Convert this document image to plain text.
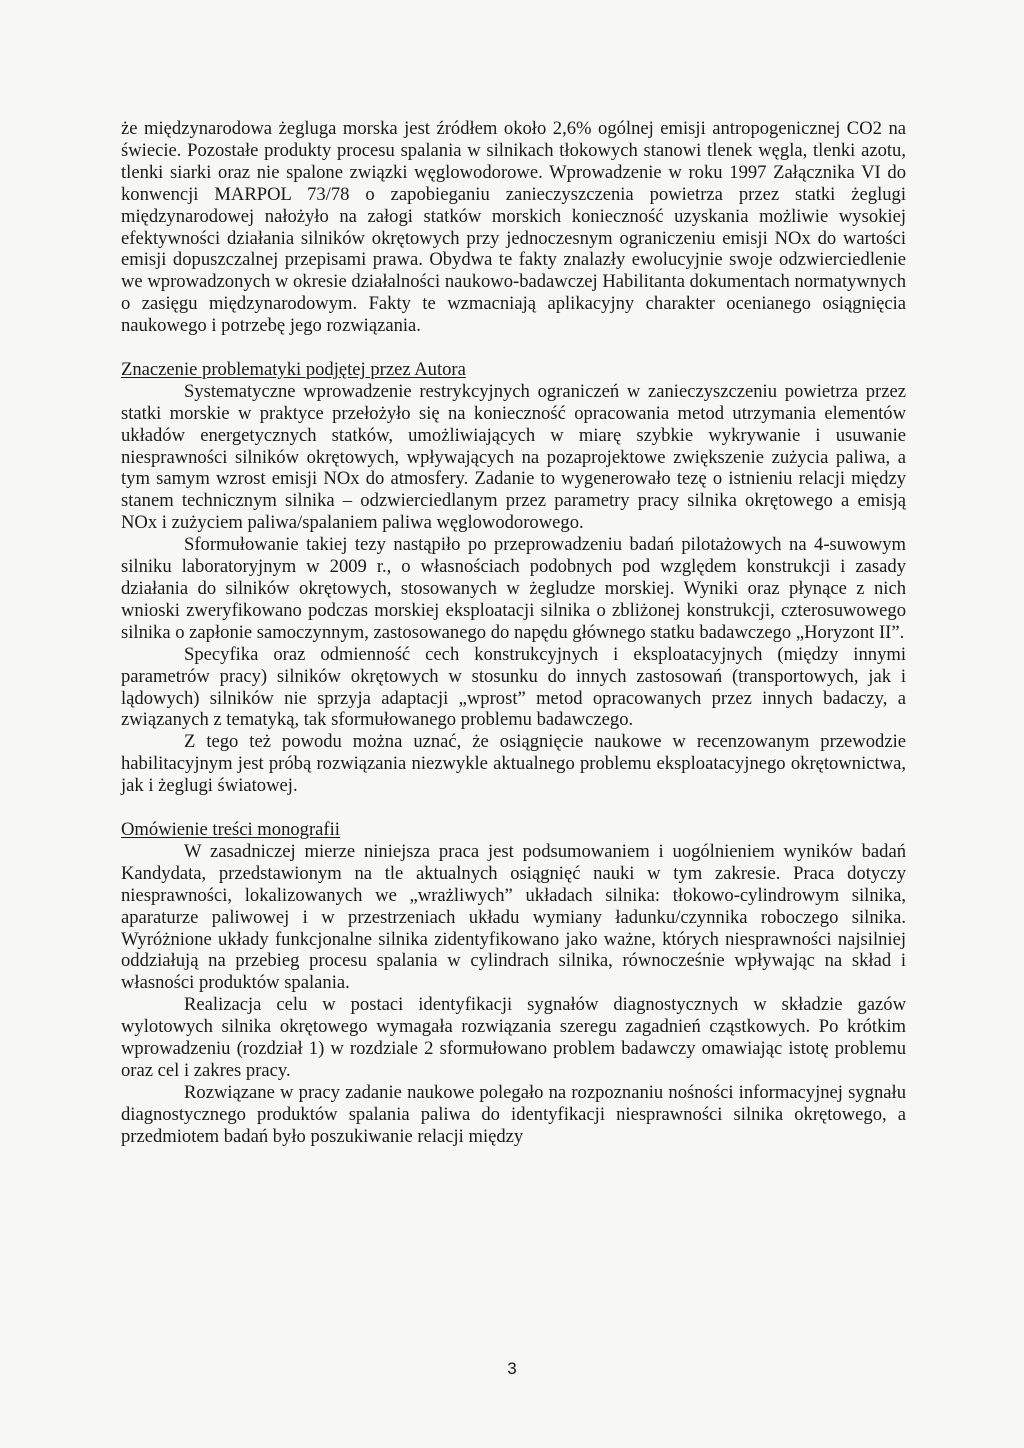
że międzynarodowa żegluga morska jest źródłem około 2,6% ogólnej emisji antropogenicznej CO2 na świecie. Pozostałe produkty procesu spalania w silnikach tłokowych stanowi tlenek węgla, tlenki azotu, tlenki siarki oraz nie spalone związki węglowodorowe. Wprowadzenie w roku 1997 Załącznika VI do konwencji MARPOL 73/78 o zapobieganiu zanieczyszczenia powietrza przez statki żeglugi międzynarodowej nałożyło na załogi statków morskich konieczność uzyskania możliwie wysokiej efektywności działania silników okrętowych przy jednoczesnym ograniczeniu emisji NOx do wartości emisji dopuszczalnej przepisami prawa. Obydwa te fakty znalazły ewolucyjnie swoje odzwierciedlenie we wprowadzonych w okresie działalności naukowo-badawczej Habilitanta dokumentach normatywnych o zasięgu międzynarodowym. Fakty te wzmacniają aplikacyjny charakter ocenianego osiągnięcia naukowego i potrzebę jego rozwiązania.

Znaczenie problematyki podjętej przez Autora

Systematyczne wprowadzenie restrykcyjnych ograniczeń w zanieczyszczeniu powietrza przez statki morskie w praktyce przełożyło się na konieczność opracowania metod utrzymania elementów układów energetycznych statków, umożliwiających w miarę szybkie wykrywanie i usuwanie niesprawności silników okrętowych, wpływających na pozaprojektowe zwiększenie zużycia paliwa, a tym samym wzrost emisji NOx do atmosfery. Zadanie to wygenerowało tezę o istnieniu relacji między stanem technicznym silnika – odzwierciedlanym przez parametry pracy silnika okrętowego a emisją NOx i zużyciem paliwa/spalaniem paliwa węglowodorowego.

Sformułowanie takiej tezy nastąpiło po przeprowadzeniu badań pilotażowych na 4-suwowym silniku laboratoryjnym w 2009 r., o własnościach podobnych pod względem konstrukcji i zasady działania do silników okrętowych, stosowanych w żegludze morskiej. Wyniki oraz płynące z nich wnioski zweryfikowano podczas morskiej eksploatacji silnika o zbliżonej konstrukcji, czterosuwowego silnika o zapłonie samoczynnym, zastosowanego do napędu głównego statku badawczego „Horyzont II”.

Specyfika oraz odmienność cech konstrukcyjnych i eksploatacyjnych (między innymi parametrów pracy) silników okrętowych w stosunku do innych zastosowań (transportowych, jak i lądowych) silników nie sprzyja adaptacji „wprost” metod opracowanych przez innych badaczy, a związanych z tematyką, tak sformułowanego problemu badawczego.

Z tego też powodu można uznać, że osiągnięcie naukowe w recenzowanym przewodzie habilitacyjnym jest próbą rozwiązania niezwykle aktualnego problemu eksploatacyjnego okrętownictwa, jak i żeglugi światowej.

Omówienie treści monografii

W zasadniczej mierze niniejsza praca jest podsumowaniem i uogólnieniem wyników badań Kandydata, przedstawionym na tle aktualnych osiągnięć nauki w tym zakresie. Praca dotyczy niesprawności, lokalizowanych we „wrażliwych” układach silnika: tłokowo-cylindrowym silnika, aparaturze paliwowej i w przestrzeniach układu wymiany ładunku/czynnika roboczego silnika. Wyróżnione układy funkcjonalne silnika zidentyfikowano jako ważne, których niesprawności najsilniej oddziałują na przebieg procesu spalania w cylindrach silnika, równocześnie wpływając na skład i własności produktów spalania.

Realizacja celu w postaci identyfikacji sygnałów diagnostycznych w składzie gazów wylotowych silnika okrętowego wymagała rozwiązania szeregu zagadnień cząstkowych. Po krótkim wprowadzeniu (rozdział 1) w rozdziale 2 sformułowano problem badawczy omawiając istotę problemu oraz cel i zakres pracy.

Rozwiązane w pracy zadanie naukowe polegało na rozpoznaniu nośności informacyjnej sygnału diagnostycznego produktów spalania paliwa do identyfikacji niesprawności silnika okrętowego, a przedmiotem badań było poszukiwanie relacji między

3
